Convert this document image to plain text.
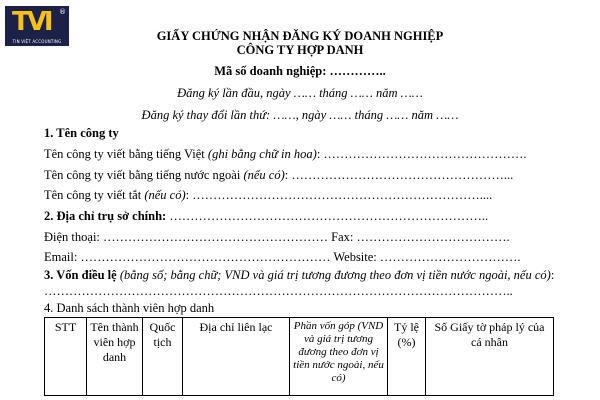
TVI ®
TIN VIỆT ACCOUNTING	GIẤY CHỨNG NHẬN ĐĂNG KÝ DOANH NGHIỆP
CÔNG TY HỢP DANH
Mã số doanh nghiệp: …………..
Đăng ký lần đầu, ngày …… tháng …… năm ……
Đăng ký thay đổi lần thứ: ……, ngày …… tháng …… năm ……
1. Tên công ty
Tên công ty viết bằng tiếng Việt (ghi bằng chữ in hoa): ………………………………………….
Tên công ty viết bằng tiếng nước ngoài (nếu có): ……………………………………………...
Tên công ty viết tắt (nếu có): ……………………………………………………………....
2. Địa chỉ trụ sở chính: …………………………………………………………………..
Điện thoại: ……………………………………………… Fax: ……………………………….
Email: …………………………………………………… Website: …………………………….
3. Vốn điều lệ (bằng số; bằng chữ; VND và giá trị tương đương theo đơn vị tiền nước ngoài, nếu có):
…………………………………………………………………………………………………..
4. Danh sách thành viên hợp danh
STT	Tên thành viên hợp danh	Quốc tịch	Địa chỉ liên lạc	Phần vốn góp (VND và giá trị tương đương theo đơn vị tiền nước ngoài, nếu có)	Tỷ lệ (%)	Số Giấy tờ pháp lý của cá nhân
